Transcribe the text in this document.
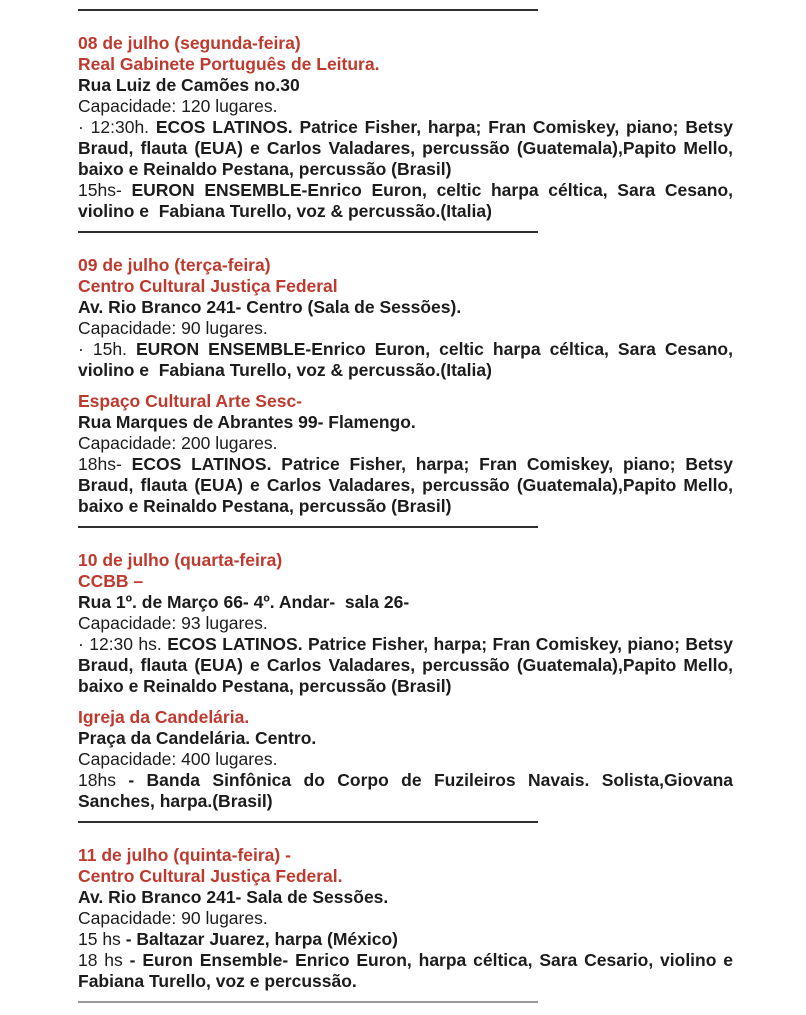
08 de julho (segunda-feira)

Real Gabinete Português de Leitura.

Rua Luiz de Camões no.30

Capacidade: 120 lugares.

· 12:30h. ECOS LATINOS. Patrice Fisher, harpa; Fran Comiskey, piano; Betsy Braud, flauta (EUA) e Carlos Valadares, percussão (Guatemala),Papito Mello, baixo e Reinaldo Pestana, percussão (Brasil)

15hs- EURON ENSEMBLE-Enrico Euron, celtic harpa céltica, Sara Cesano, violino e  Fabiana Turello, voz & percussão.(Italia)

09 de julho (terça-feira)

Centro Cultural Justiça Federal

Av. Rio Branco 241- Centro (Sala de Sessões).

Capacidade: 90 lugares.

· 15h. EURON ENSEMBLE-Enrico Euron, celtic harpa céltica, Sara Cesano, violino e  Fabiana Turello, voz & percussão.(Italia)

Espaço Cultural Arte Sesc-

Rua Marques de Abrantes 99- Flamengo.

Capacidade: 200 lugares.

18hs- ECOS LATINOS. Patrice Fisher, harpa; Fran Comiskey, piano; Betsy Braud, flauta (EUA) e Carlos Valadares, percussão (Guatemala),Papito Mello, baixo e Reinaldo Pestana, percussão (Brasil)

10 de julho (quarta-feira)

CCBB –

Rua 1º. de Março 66- 4º. Andar-  sala 26-

Capacidade: 93 lugares.

· 12:30 hs. ECOS LATINOS. Patrice Fisher, harpa; Fran Comiskey, piano; Betsy Braud, flauta (EUA) e Carlos Valadares, percussão (Guatemala),Papito Mello, baixo e Reinaldo Pestana, percussão (Brasil)

Igreja da Candelária.

Praça da Candelária. Centro.

Capacidade: 400 lugares.

18hs - Banda Sinfônica do Corpo de Fuzileiros Navais. Solista,Giovana Sanches, harpa.(Brasil)

11 de julho (quinta-feira) -

Centro Cultural Justiça Federal.

Av. Rio Branco 241- Sala de Sessões.

Capacidade: 90 lugares.

15 hs - Baltazar Juarez, harpa (México)

18 hs - Euron Ensemble- Enrico Euron, harpa céltica, Sara Cesario, violino e Fabiana Turello, voz e percussão.
